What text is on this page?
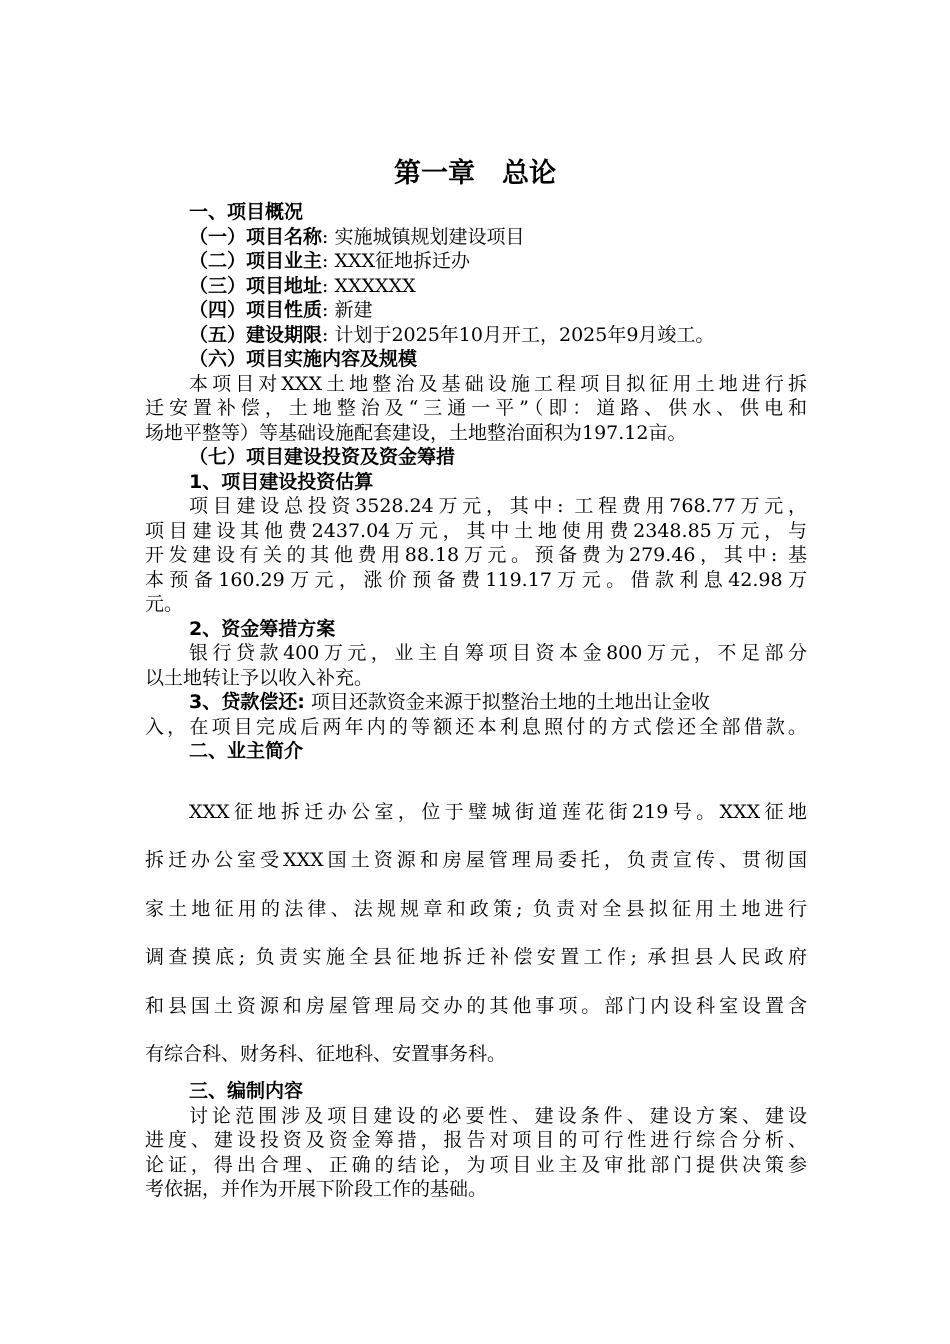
第一章　总论
一、项目概况
（一）项目名称: 实施城镇规划建设项目
（二）项目业主: XXX征地拆迁办
（三）项目地址: XXXXXX
（四）项目性质: 新建
（五）建设期限: 计划于2025年10月开工，2025年9月竣工。
（六）项目实施内容及规模
本项目对XXX土地整治及基础设施工程项目拟征用土地进行拆
迁安置补偿，土地整治及“三通一平”（即：道路、供水、供电和
场地平整等）等基础设施配套建设，土地整治面积为197.12亩。
（七）项目建设投资及资金筹措
1、项目建设投资估算
项目建设总投资3528.24万元，其中: 工程费用768.77万元，
项目建设其他费2437.04万元，其中土地使用费2348.85万元，与
开发建设有关的其他费用88.18万元。预备费为279.46，其中: 基
本预备160.29万元，涨价预备费119.17万元。借款利息42.98万
元。
2、资金筹措方案
银行贷款400万元，业主自筹项目资本金800万元，不足部分
以土地转让予以收入补充。
3、贷款偿还: 项目还款资金来源于拟整治土地的土地出让金收
入，在项目完成后两年内的等额还本利息照付的方式偿还全部借款。
二、业主简介
XXX征地拆迁办公室，位于璧城街道莲花街219号。XXX征地
拆迁办公室受XXX国土资源和房屋管理局委托，负责宣传、贯彻国
家土地征用的法律、法规规章和政策; 负责对全县拟征用土地进行
调查摸底; 负责实施全县征地拆迁补偿安置工作; 承担县人民政府
和县国土资源和房屋管理局交办的其他事项。部门内设科室设置含
有综合科、财务科、征地科、安置事务科。
三、编制内容
讨论范围涉及项目建设的必要性、建设条件、建设方案、建设
进度、建设投资及资金筹措，报告对项目的可行性进行综合分析、
论证，得出合理、正确的结论，为项目业主及审批部门提供决策参
考依据，并作为开展下阶段工作的基础。
